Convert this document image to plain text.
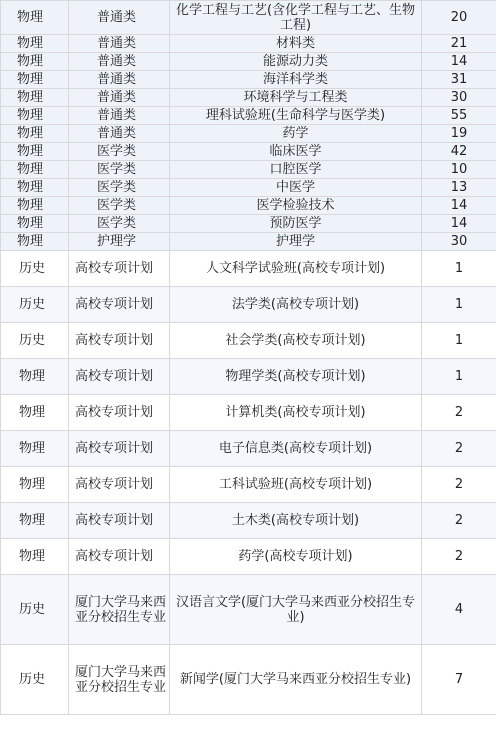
物理	普通类	化学工程与工艺(含化学工程与工艺、生物工程)	20
物理	普通类	材料类	21
物理	普通类	能源动力类	14
物理	普通类	海洋科学类	31
物理	普通类	环境科学与工程类	30
物理	普通类	理科试验班(生命科学与医学类)	55
物理	普通类	药学	19
物理	医学类	临床医学	42
物理	医学类	口腔医学	10
物理	医学类	中医学	13
物理	医学类	医学检验技术	14
物理	医学类	预防医学	14
物理	护理学	护理学	30
历史	高校专项计划	人文科学试验班(高校专项计划)	1
历史	高校专项计划	法学类(高校专项计划)	1
历史	高校专项计划	社会学类(高校专项计划)	1
物理	高校专项计划	物理学类(高校专项计划)	1
物理	高校专项计划	计算机类(高校专项计划)	2
物理	高校专项计划	电子信息类(高校专项计划)	2
物理	高校专项计划	工科试验班(高校专项计划)	2
物理	高校专项计划	土木类(高校专项计划)	2
物理	高校专项计划	药学(高校专项计划)	2
历史	厦门大学马来西亚分校招生专业	汉语言文学(厦门大学马来西亚分校招生专业)	4
历史	厦门大学马来西亚分校招生专业	新闻学(厦门大学马来西亚分校招生专业)	7
